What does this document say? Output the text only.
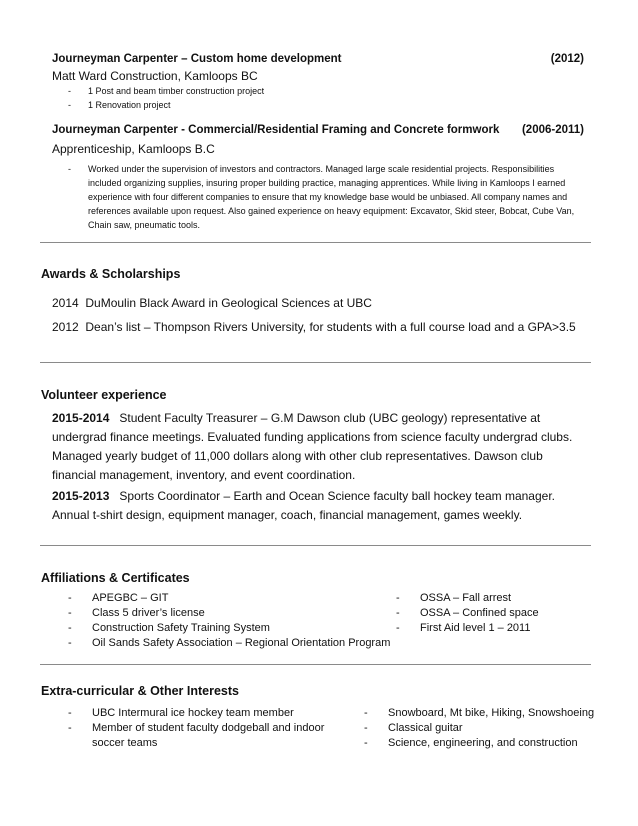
Journeyman Carpenter – Custom home development	(2012)
Matt Ward Construction, Kamloops BC
- 1 Post and beam timber construction project
- 1 Renovation project
Journeyman Carpenter - Commercial/Residential Framing and Concrete formwork (2006-2011)
Apprenticeship, Kamloops B.C
-	Worked under the supervision of investors and contractors. Managed large scale residential projects. Responsibilities included organizing supplies, insuring proper building practice, managing apprentices. While living in Kamloops I earned experience with four different companies to ensure that my knowledge base would be unbiased. All company names and references available upon request. Also gained experience on heavy equipment: Excavator, Skid steer, Bobcat, Cube Van, Chain saw, pneumatic tools.
Awards & Scholarships
2014 DuMoulin Black Award in Geological Sciences at UBC
2012 Dean’s list – Thompson Rivers University, for students with a full course load and a GPA>3.5
Volunteer experience
2015-2014 Student Faculty Treasurer – G.M Dawson club (UBC geology) representative at undergrad finance meetings. Evaluated funding applications from science faculty undergrad clubs. Managed yearly budget of 11,000 dollars along with other club representatives. Dawson club financial management, inventory, and event coordination.
2015-2013 Sports Coordinator – Earth and Ocean Science faculty ball hockey team manager. Annual t-shirt design, equipment manager, coach, financial management, games weekly.
Affiliations & Certificates
-	APEGBC – GIT
-	Class 5 driver’s license
-	Construction Safety Training System
-	Oil Sands Safety Association – Regional Orientation Program
-	OSSA – Fall arrest
-	OSSA – Confined space
-	First Aid level 1 – 2011
Extra-curricular & Other Interests
-	UBC Intermural ice hockey team member
-	Member of student faculty dodgeball and indoor soccer teams
-	Snowboard, Mt bike, Hiking, Snowshoeing
-	Classical guitar
-	Science, engineering, and construction
